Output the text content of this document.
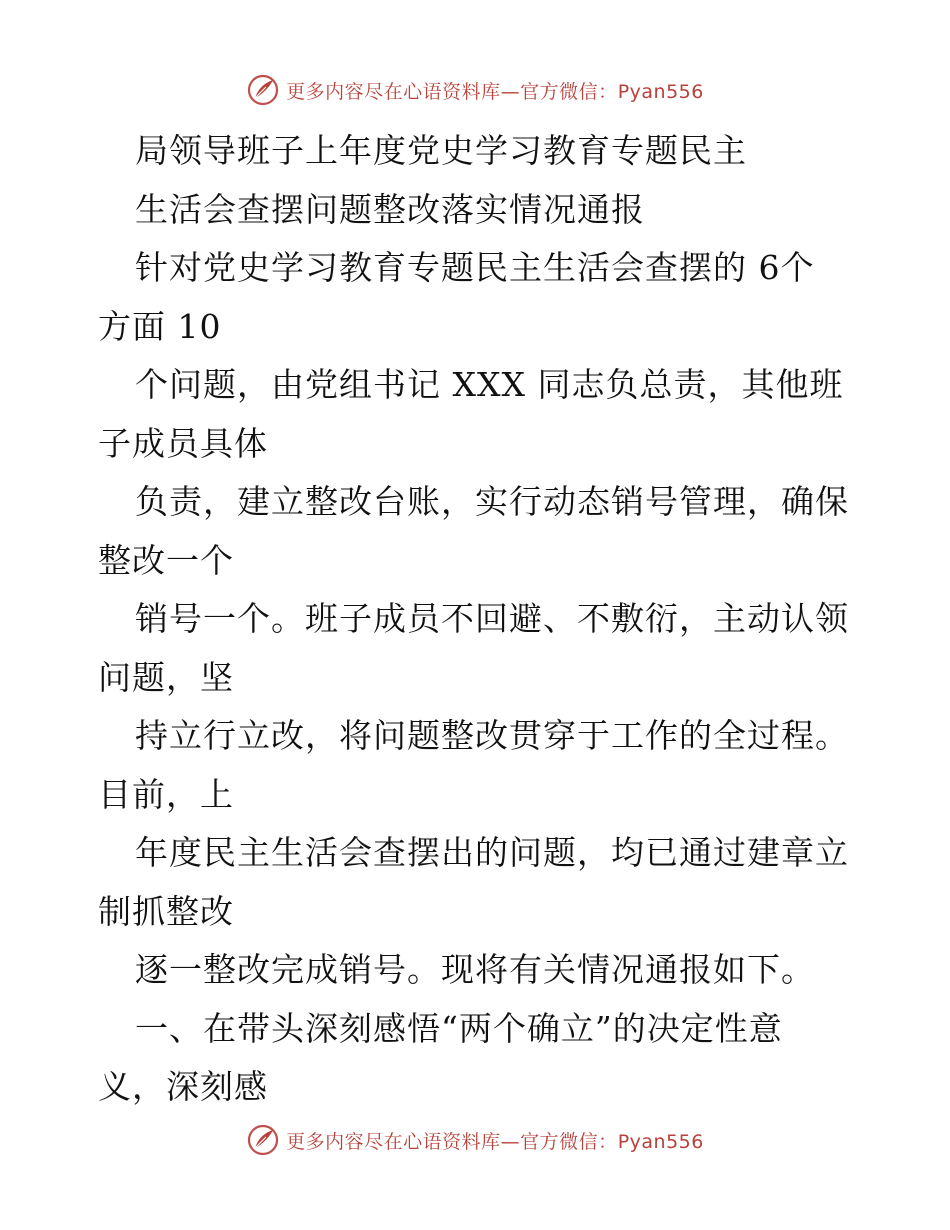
更多内容尽在心语资料库—官方微信：Pyan556
局领导班子上年度党史学习教育专题民主
生活会查摆问题整改落实情况通报
针对党史学习教育专题民主生活会查摆的 6个
方面 10
个问题，由党组书记 XXX 同志负总责，其他班
子成员具体
负责，建立整改台账，实行动态销号管理，确保
整改一个
销号一个。班子成员不回避、不敷衍，主动认领
问题，坚
持立行立改，将问题整改贯穿于工作的全过程。
目前，上
年度民主生活会查摆出的问题，均已通过建章立
制抓整改
逐一整改完成销号。现将有关情况通报如下。
一、在带头深刻感悟“两个确立”的决定性意
义，深刻感
更多内容尽在心语资料库—官方微信：Pyan556
